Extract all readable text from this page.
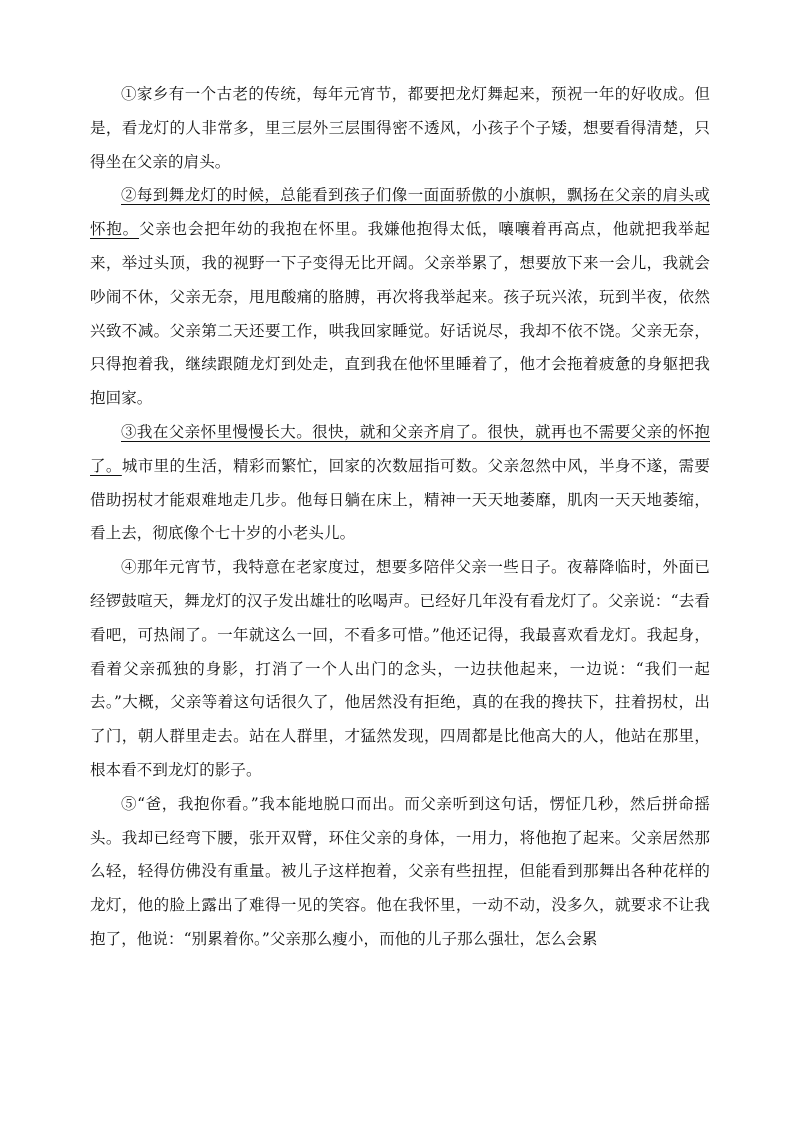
①家乡有一个古老的传统，每年元宵节，都要把龙灯舞起来，预祝一年的好收成。但是，看龙灯的人非常多，里三层外三层围得密不透风，小孩子个子矮，想要看得清楚，只得坐在父亲的肩头。

②每到舞龙灯的时候，总能看到孩子们像一面面骄傲的小旗帜，飘扬在父亲的肩头或怀抱。父亲也会把年幼的我抱在怀里。我嫌他抱得太低，嚷嚷着再高点，他就把我举起来，举过头顶，我的视野一下子变得无比开阔。父亲举累了，想要放下来一会儿，我就会吵闹不休，父亲无奈，甩甩酸痛的胳膊，再次将我举起来。孩子玩兴浓，玩到半夜，依然兴致不减。父亲第二天还要工作，哄我回家睡觉。好话说尽，我却不依不饶。父亲无奈，只得抱着我，继续跟随龙灯到处走，直到我在他怀里睡着了，他才会拖着疲惫的身躯把我抱回家。

③我在父亲怀里慢慢长大。很快，就和父亲齐肩了。很快，就再也不需要父亲的怀抱了。城市里的生活，精彩而繁忙，回家的次数屈指可数。父亲忽然中风，半身不遂，需要借助拐杖才能艰难地走几步。他每日躺在床上，精神一天天地萎靡，肌肉一天天地萎缩，看上去，彻底像个七十岁的小老头儿。

④那年元宵节，我特意在老家度过，想要多陪伴父亲一些日子。夜幕降临时，外面已经锣鼓喧天，舞龙灯的汉子发出雄壮的吆喝声。已经好几年没有看龙灯了。父亲说：“去看看吧，可热闹了。一年就这么一回，不看多可惜。”他还记得，我最喜欢看龙灯。我起身，看着父亲孤独的身影，打消了一个人出门的念头，一边扶他起来，一边说：“我们一起去。”大概，父亲等着这句话很久了，他居然没有拒绝，真的在我的搀扶下，拄着拐杖，出了门，朝人群里走去。站在人群里，才猛然发现，四周都是比他高大的人，他站在那里，根本看不到龙灯的影子。

⑤“爸，我抱你看。”我本能地脱口而出。而父亲听到这句话，愣怔几秒，然后拼命摇头。我却已经弯下腰，张开双臂，环住父亲的身体，一用力，将他抱了起来。父亲居然那么轻，轻得仿佛没有重量。被儿子这样抱着，父亲有些扭捏，但能看到那舞出各种花样的龙灯，他的脸上露出了难得一见的笑容。他在我怀里，一动不动，没多久，就要求不让我抱了，他说：“别累着你。”父亲那么瘦小，而他的儿子那么强壮，怎么会累
